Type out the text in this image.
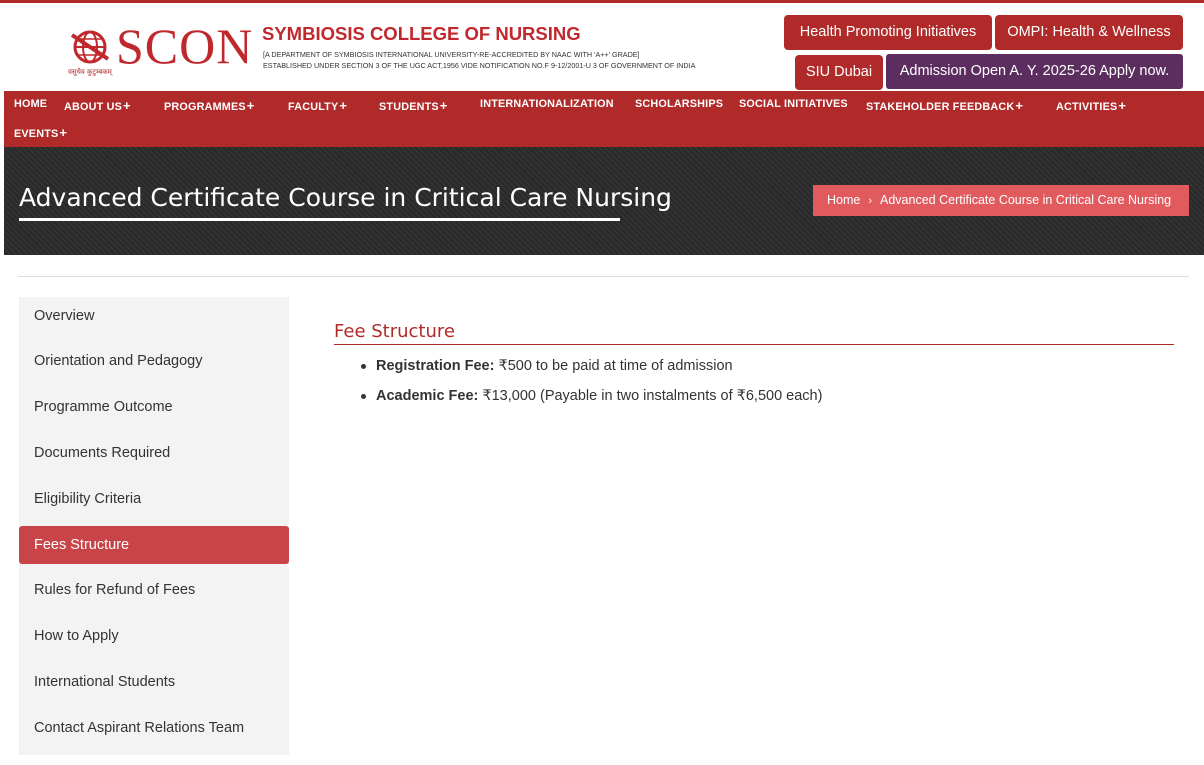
वसुधैव कुटुम्बकम् SCON SYMBIOSIS COLLEGE OF NURSING
[A DEPARTMENT OF SYMBIOSIS INTERNATIONAL UNIVERSITY-RE-ACCREDITED BY NAAC WITH 'A++' GRADE]
ESTABLISHED UNDER SECTION 3 OF THE UGC ACT,1956 VIDE NOTIFICATION NO.F 9-12/2001-U 3 OF GOVERNMENT OF INDIA
Health Promoting Initiatives	OMPI: Health & Wellness
SIU Dubai	Admission Open A. Y. 2025-26 Apply now.
HOME ABOUT US+	PROGRAMMES+	FACULTY+	STUDENTS+	INTERNATIONALIZATION SCHOLARSHIPS SOCIAL INITIATIVES STAKEHOLDER FEEDBACK+	ACTIVITIES+
EVENTS+
Advanced Certificate Course in Critical Care Nursing	Home › Advanced Certificate Course in Critical Care Nursing
Overview
Orientation and Pedagogy
Programme Outcome
Documents Required
Eligibility Criteria
Fees Structure
Rules for Refund of Fees
How to Apply
International Students
Contact Aspirant Relations Team
Fee Structure
Registration Fee: ₹500 to be paid at time of admission
Academic Fee: ₹13,000 (Payable in two instalments of ₹6,500 each)
